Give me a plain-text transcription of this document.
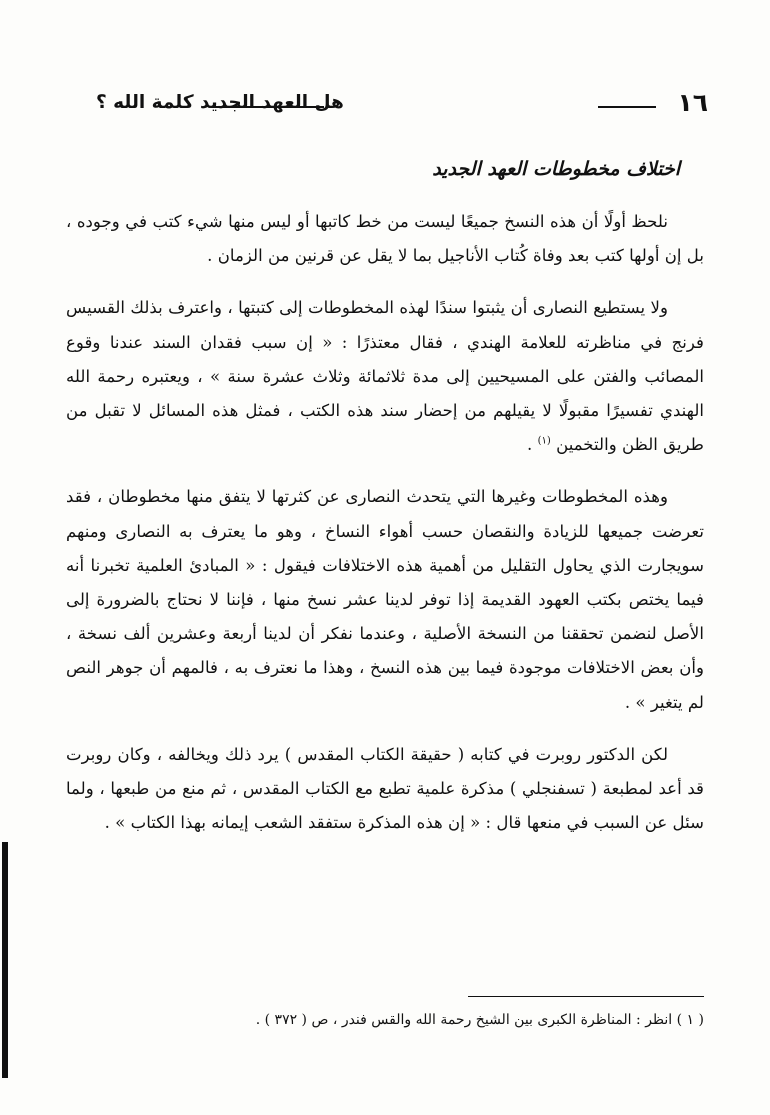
١٦
هل العهد الجديد كلمة الله ؟
اختلاف مخطوطات العهد الجديد

نلحظ أولًا أن هذه النسخ جميعًا ليست من خط كاتبها أو ليس منها شيء كتب في وجوده ، بل إن أولها كتب بعد وفاة كُتاب الأناجيل بما لا يقل عن قرنين من الزمان .

ولا يستطيع النصارى أن يثبتوا سندًا لهذه المخطوطات إلى كتبتها ، واعترف بذلك القسيس فرنج في مناظرته للعلامة الهندي ، فقال معتذرًا : « إن سبب فقدان السند عندنا وقوع المصائب والفتن على المسيحيين إلى مدة ثلاثمائة وثلاث عشرة سنة » ، ويعتبره رحمة الله الهندي تفسيرًا مقبولًا لا يقيلهم من إحضار سند هذه الكتب ، فمثل هذه المسائل لا تقبل من طريق الظن والتخمين $^{(١)}$ .

وهذه المخطوطات وغيرها التي يتحدث النصارى عن كثرتها لا يتفق منها مخطوطان ، فقد تعرضت جميعها للزيادة والنقصان حسب أهواء النساخ ، وهو ما يعترف به النصارى ومنهم سويجارت الذي يحاول التقليل من أهمية هذه الاختلافات فيقول : « المبادئ العلمية تخبرنا أنه فيما يختص بكتب العهود القديمة إذا توفر لدينا عشر نسخ منها ، فإننا لا نحتاج بالضرورة إلى الأصل لنضمن تحققنا من النسخة الأصلية ، وعندما نفكر أن لدينا أربعة وعشرين ألف نسخة ، وأن بعض الاختلافات موجودة فيما بين هذه النسخ ، وهذا ما نعترف به ، فالمهم أن جوهر النص لم يتغير » .

لكن الدكتور روبرت في كتابه ( حقيقة الكتاب المقدس ) يرد ذلك ويخالفه ، وكان روبرت قد أعد لمطبعة ( تسفنجلي ) مذكرة علمية تطبع مع الكتاب المقدس ، ثم منع من طبعها ، ولما سئل عن السبب في منعها قال : « إن هذه المذكرة ستفقد الشعب إيمانه بهذا الكتاب » .

( ١ ) انظر : المناظرة الكبرى بين الشيخ رحمة الله والقس فندر ، ص ( ٣٧٢ ) .
